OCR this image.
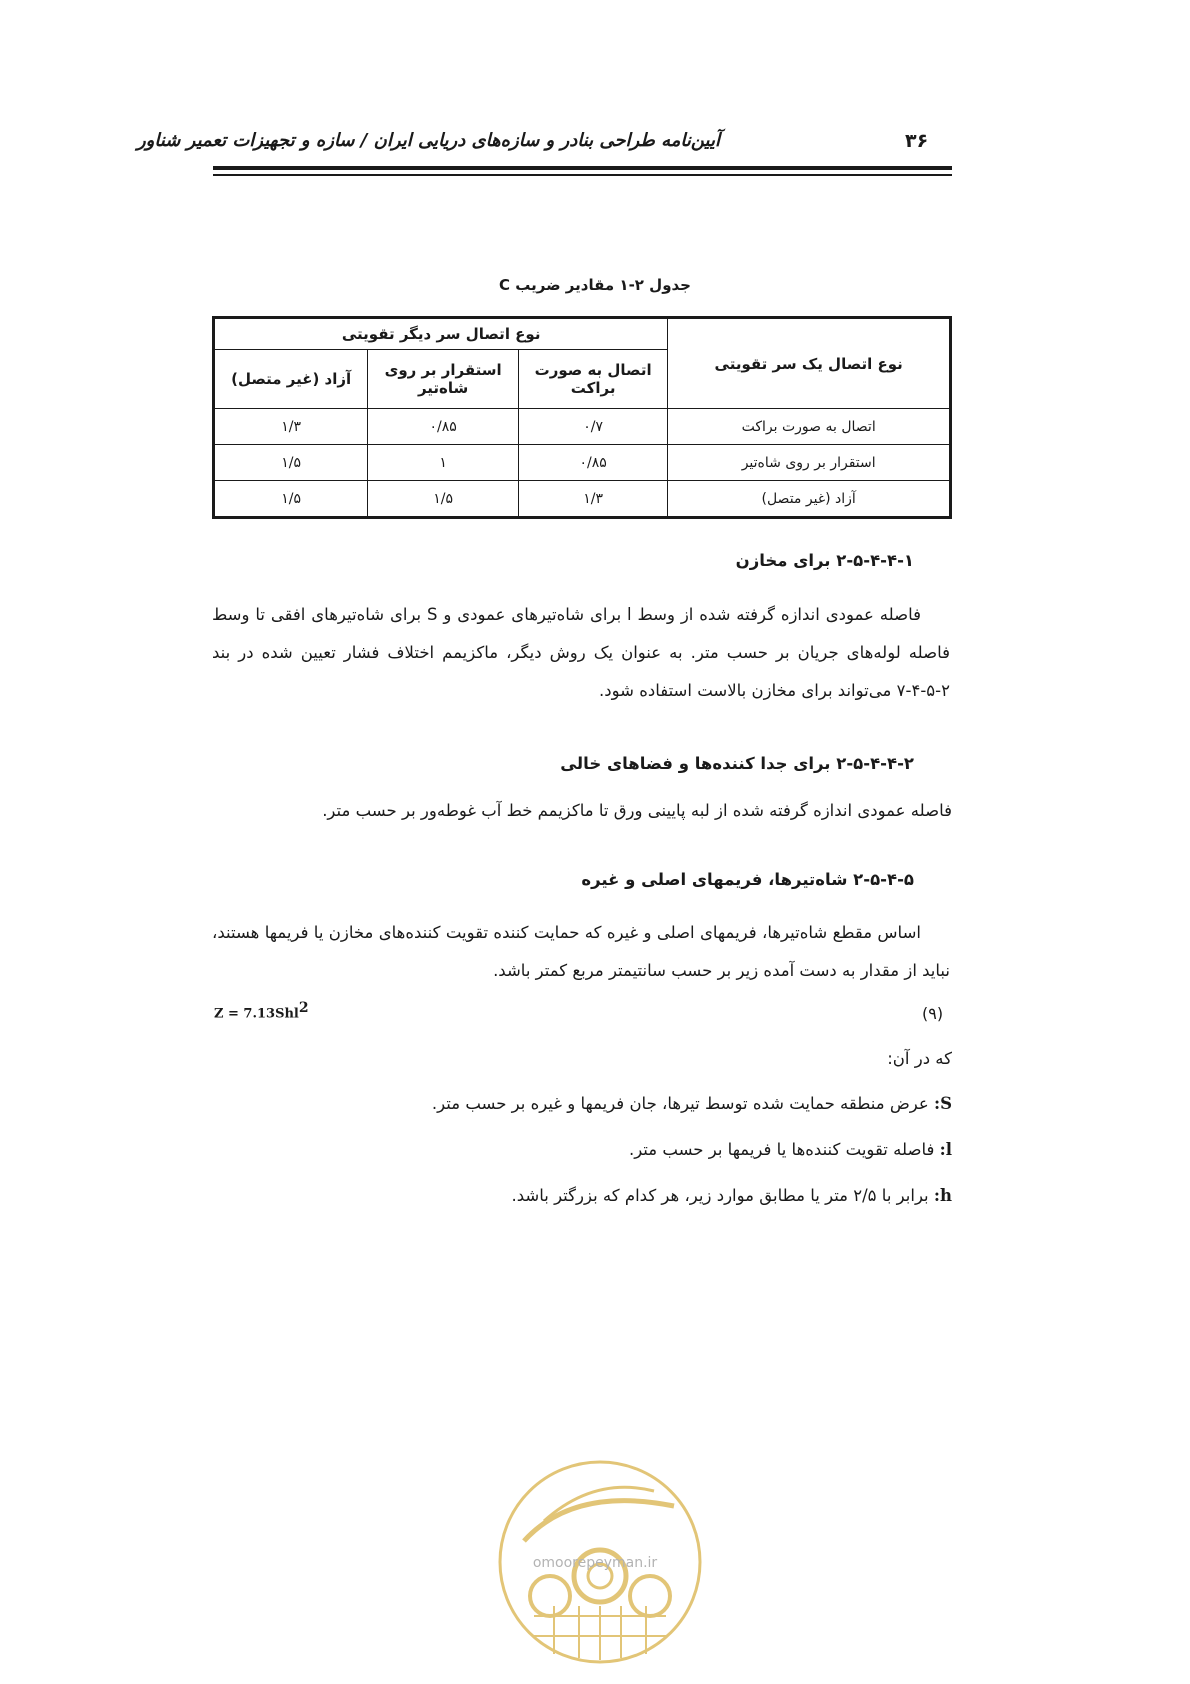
۳۶
آیین‌نامه طراحی بنادر و سازه‌های دریایی ایران / سازه و تجهیزات تعمیر شناور
جدول ۲-۱ مقادیر ضریب C
نوع اتصال یک سر تقویتی	نوع اتصال سر دیگر تقویتی		
	اتصال به صورت براکت	استقرار بر روی شاه‌تیر	آزاد (غیر متصل)
اتصال به صورت براکت	۰/۷	۰/۸۵	۱/۳
استقرار بر روی شاه‌تیر	۰/۸۵	۱	۱/۵
آزاد (غیر متصل)	۱/۳	۱/۵	۱/۵
۲-۵-۴-۴-۱ برای مخازن
فاصله عمودی اندازه گرفته شده از وسط l برای شاه‌تیرهای عمودی و S برای شاه‌تیرهای افقی تا وسط فاصله لوله‌های جریان بر حسب متر. به عنوان یک روش دیگر، ماکزیمم اختلاف فشار تعیین شده در بند ۲-۵-۴-۷ می‌تواند برای مخازن بالاست استفاده شود.
۲-۵-۴-۴-۲ برای جدا کننده‌ها و فضاهای خالی
فاصله عمودی اندازه گرفته شده از لبه پایینی ورق تا ماکزیمم خط آب غوطه‌ور بر حسب متر.
۲-۵-۴-۵ شاه‌تیرها، فریمهای اصلی و غیره
اساس مقطع شاه‌تیرها، فریمهای اصلی و غیره که حمایت کننده تقویت کننده‌های مخازن یا فریمها هستند، نباید از مقدار به دست آمده زیر بر حسب سانتیمتر مربع کمتر باشد.
Z = 7.13Shl$^2$	(۹)
که در آن:
S: عرض منطقه حمایت شده توسط تیرها، جان فریمها و غیره بر حسب متر.
l: فاصله تقویت کننده‌ها یا فریمها بر حسب متر.
h: برابر با ۲/۵ متر یا مطابق موارد زیر، هر کدام که بزرگتر باشد.
omoorepeyman.ir
